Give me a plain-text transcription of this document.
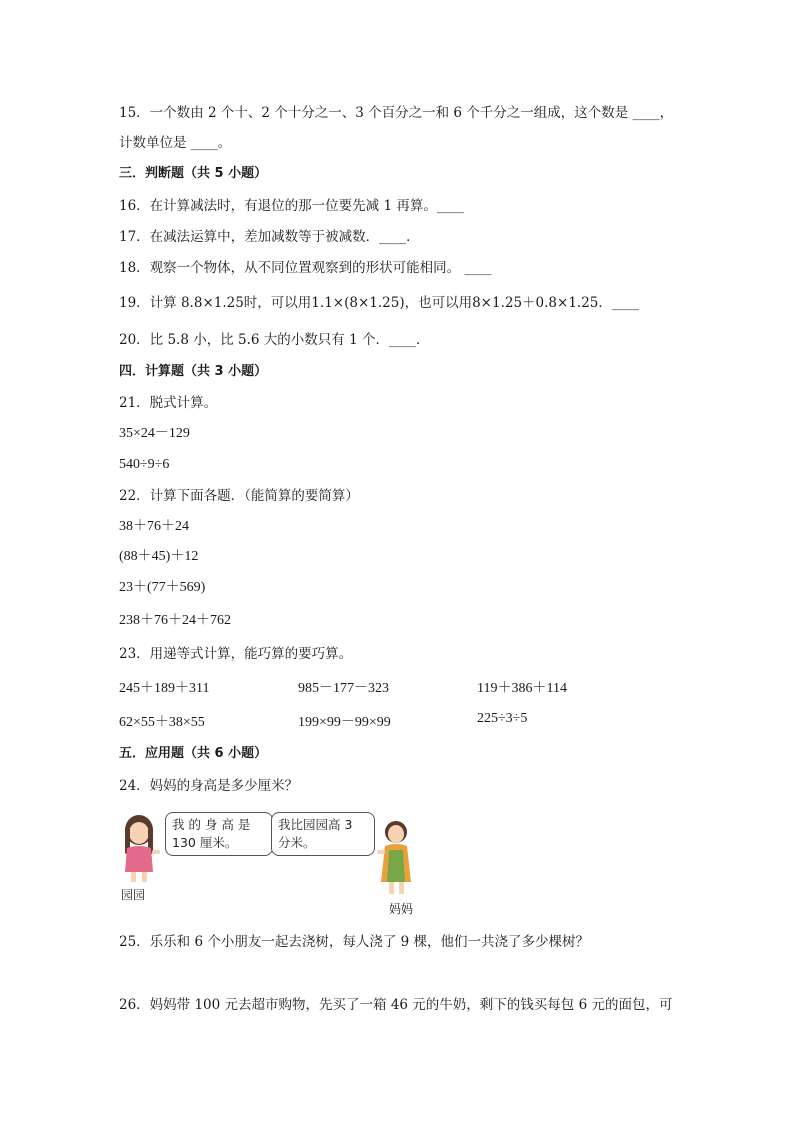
15．一个数由 2 个十、2 个十分之一、3 个百分之一和 6 个千分之一组成，这个数是 ____，
计数单位是 ____。
三．判断题（共 5 小题）
16．在计算减法时，有退位的那一位要先减 1 再算。____
17．在减法运算中，差加减数等于被减数．____．
18．观察一个物体，从不同位置观察到的形状可能相同。 ____
19．计算 8.8×1.25时，可以用1.1×(8×1.25)，也可以用8×1.25＋0.8×1.25．____
20．比 5.8 小，比 5.6 大的小数只有 1 个．____．
四．计算题（共 3 小题）
21．脱式计算。
35×24－129
540÷9÷6
22．计算下面各题．（能简算的要简算）
38＋76＋24
(88＋45)＋12
23＋(77＋569)
238＋76＋24＋762
23．用递等式计算，能巧算的要巧算。
245＋189＋311	985－177－323	119＋386＋114
62×55＋38×55	199×99－99×99	225÷3÷5
五．应用题（共 6 小题）
24．妈妈的身高是多少厘米？
园园
我 的 身 高 是
130 厘米。
我比园园高 3
分米。
妈妈
25．乐乐和 6 个小朋友一起去浇树，每人浇了 9 棵，他们一共浇了多少棵树？
26．妈妈带 100 元去超市购物，先买了一箱 46 元的牛奶，剩下的钱买每包 6 元的面包，可
